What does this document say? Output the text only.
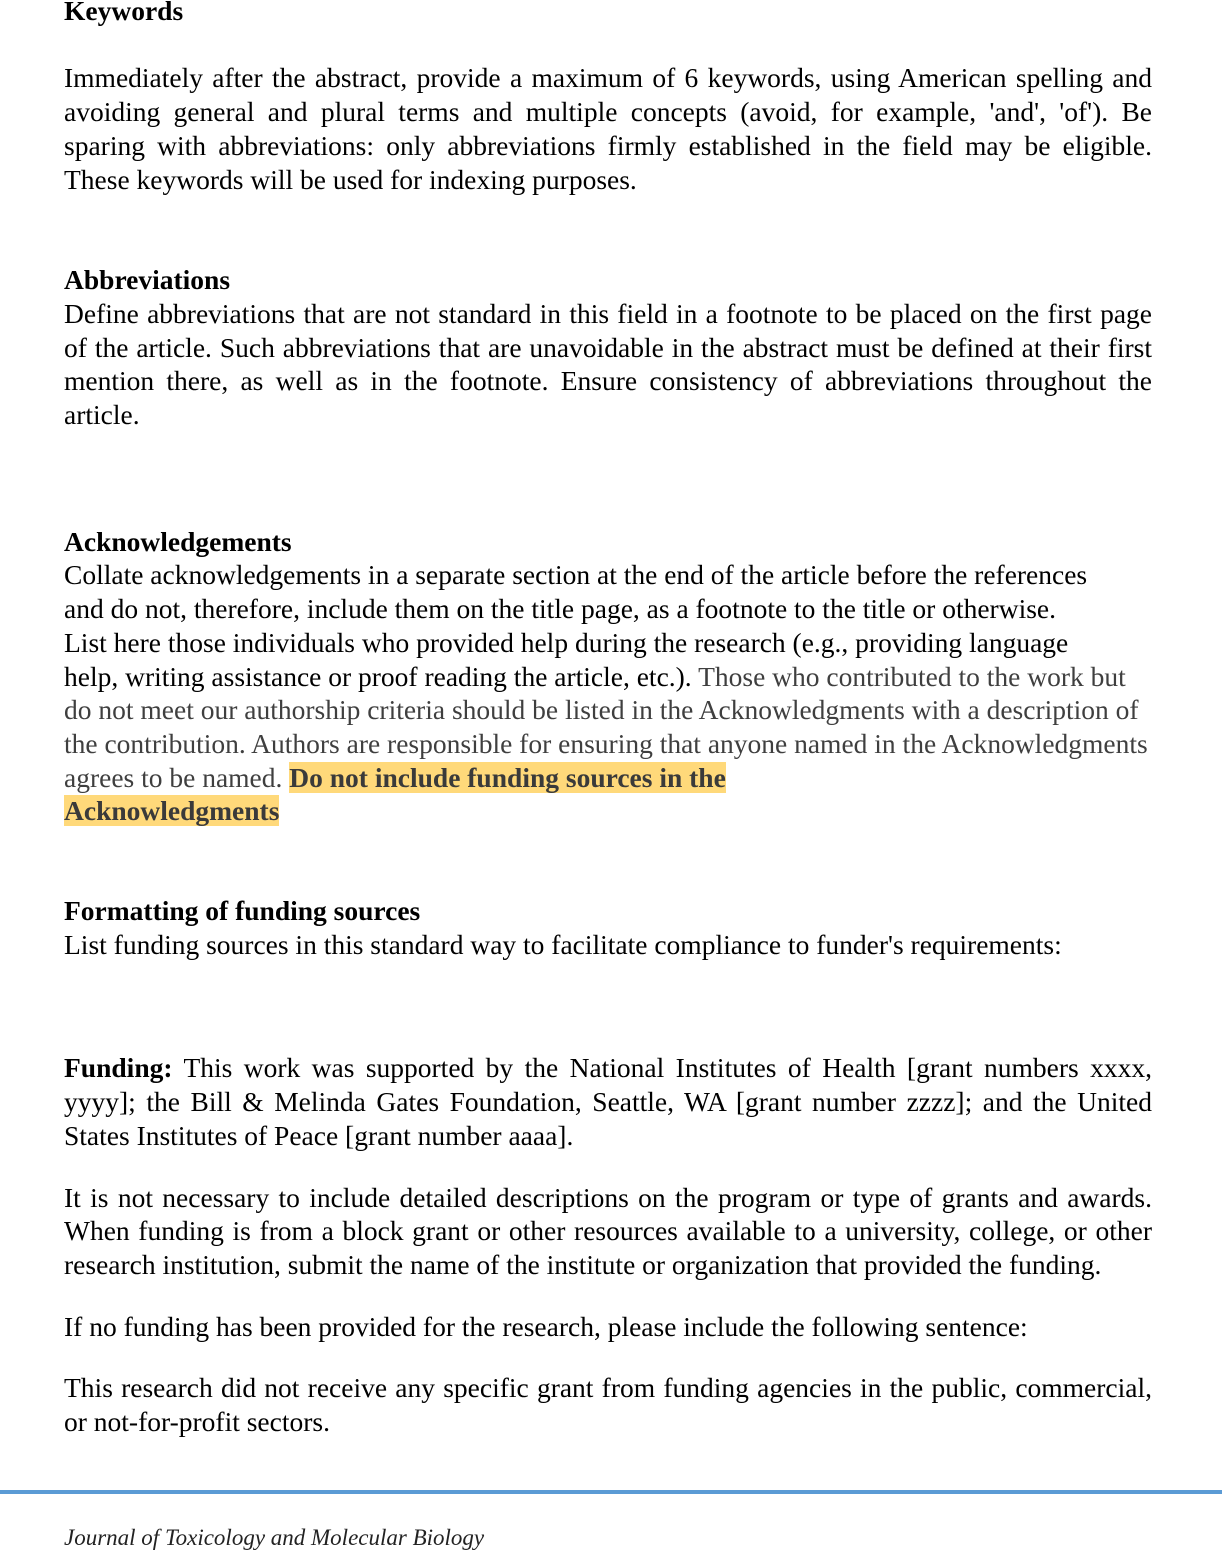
Keywords

Immediately after the abstract, provide a maximum of 6 keywords, using American spelling and avoiding general and plural terms and multiple concepts (avoid, for example, 'and', 'of'). Be sparing with abbreviations: only abbreviations firmly established in the field may be eligible. These keywords will be used for indexing purposes.

Abbreviations

Define abbreviations that are not standard in this field in a footnote to be placed on the first page of the article. Such abbreviations that are unavoidable in the abstract must be defined at their first mention there, as well as in the footnote. Ensure consistency of abbreviations throughout the article.

Acknowledgements

Collate acknowledgements in a separate section at the end of the article before the references
and do not, therefore, include them on the title page, as a footnote to the title or otherwise.
List here those individuals who provided help during the research (e.g., providing language
help, writing assistance or proof reading the article, etc.). Those who contributed to the work but do not meet our authorship criteria should be listed in the Acknowledgments with a description of the contribution. Authors are responsible for ensuring that anyone named in the Acknowledgments agrees to be named. Do not include funding sources in the
Acknowledgments

Formatting of funding sources

List funding sources in this standard way to facilitate compliance to funder's requirements:

Funding: This work was supported by the National Institutes of Health [grant numbers xxxx, yyyy]; the Bill & Melinda Gates Foundation, Seattle, WA [grant number zzzz]; and the United States Institutes of Peace [grant number aaaa].

It is not necessary to include detailed descriptions on the program or type of grants and awards. When funding is from a block grant or other resources available to a university, college, or other research institution, submit the name of the institute or organization that provided the funding.

If no funding has been provided for the research, please include the following sentence:

This research did not receive any specific grant from funding agencies in the public, commercial, or not-for-profit sectors.

Journal of Toxicology and Molecular Biology
